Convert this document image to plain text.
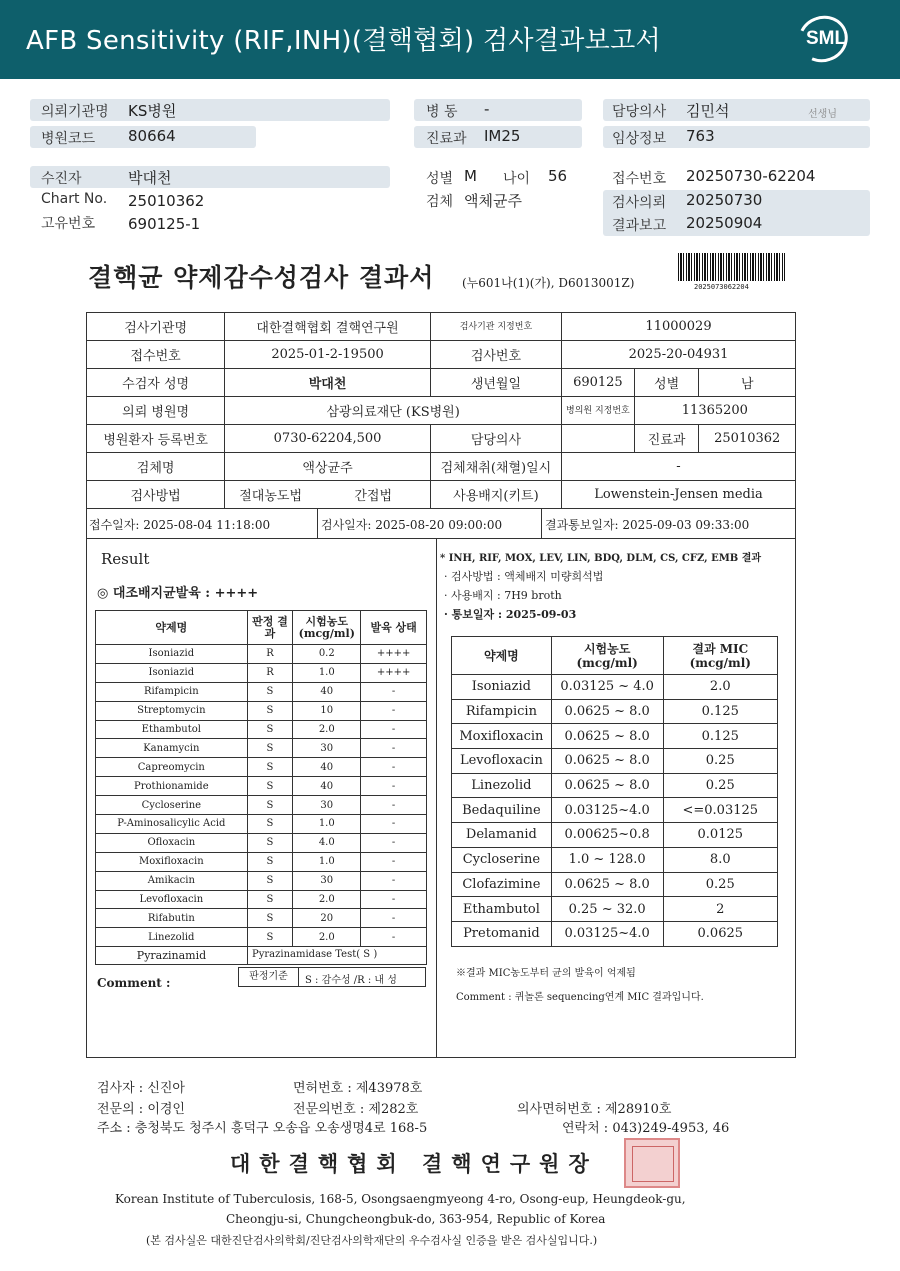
AFB Sensitivity (RIF,INH)(결핵협회) 검사결과보고서	SML
의뢰기관명 KS병원
병원코드 80664
병 동 -
진료과 IM25
담당의사 김민석	선생님
임상정보 763
수진자	박대천
Chart No. 25010362
고유번호 690125-1
성별 M 나이 56
검체 액체균주
접수번호 20250730-62204
검사의뢰 20250730
결과보고 20250904
결핵균 약제감수성검사 결과서 (누601나(1)(가), D6013001Z)	2025073062204
검사기관명	대한결핵협회 결핵연구원	검사기관 지정번호	11000029		
접수번호	2025-01-2-19500	검사번호	2025-20-04931		
수검자 성명	박대천	생년월일	690125	성별	남
의뢰 병원명	삼광의료재단 (KS병원)		병의원 지정번호	11365200	
병원환자 등록번호	0730-62204,500	담당의사		진료과	25010362
검체명	액상균주	검체채취(채혈)일시	-		
검사방법	절대농도법 간접법	사용배지(키트)	Lowenstein-Jensen media		
접수일자: 2025-08-04 11:18:00	검사일자: 2025-08-20 09:00:00	결과통보일자: 2025-09-03 09:33:00
Result
◎ 대조배지균발육 : ++++
약제명	판정 결과	시험농도 (mcg/ml)	발육 상태
Isoniazid	R	0.2	++++
Isoniazid	R	1.0	++++
Rifampicin	S	40	-
Streptomycin	S	10	-
Ethambutol	S	2.0	-
Kanamycin	S	30	-
Capreomycin	S	40	-
Prothionamide	S	40	-
Cycloserine	S	30	-
P-Aminosalicylic Acid	S	1.0	-
Ofloxacin	S	4.0	-
Moxifloxacin	S	1.0	-
Amikacin	S	30	-
Levofloxacin	S	2.0	-
Rifabutin	S	20	-
Linezolid	S	2.0	-
Pyrazinamid	Pyrazinamidase Test( S )
Comment :	판정기준	S : 감수성 /R : 내 성
* INH, RIF, MOX, LEV, LIN, BDQ, DLM, CS, CFZ, EMB 결과
· 검사방법 : 액체배지 미량희석법
· 사용배지 : 7H9 broth
· 통보일자 : 2025-09-03
약제명	시험농도 (mcg/ml)	결과 MIC (mcg/ml)
Isoniazid	0.03125 ~ 4.0	2.0
Rifampicin	0.0625 ~ 8.0	0.125
Moxifloxacin	0.0625 ~ 8.0	0.125
Levofloxacin	0.0625 ~ 8.0	0.25
Linezolid	0.0625 ~ 8.0	0.25
Bedaquiline	0.03125~4.0	<=0.03125
Delamanid	0.00625~0.8	0.0125
Cycloserine	1.0 ~ 128.0	8.0
Clofazimine	0.0625 ~ 8.0	0.25
Ethambutol	0.25 ~ 32.0	2
Pretomanid	0.03125~4.0	0.0625
※결과 MIC농도부터 균의 발육이 억제됨
Comment : 퀴놀론 sequencing연계 MIC 결과입니다.
검사자 : 신진아	면허번호 : 제43978호
전문의 : 이경인	전문의번호 : 제282호	의사면허번호 : 제28910호
주소 : 충청북도 청주시 흥덕구 오송읍 오송생명4로 168-5	연락처 : 043)249-4953, 46
대한결핵협회 결핵연구원장
Korean Institute of Tuberculosis, 168-5, Osongsaengmyeong 4-ro, Osong-eup, Heungdeok-gu,
Cheongju-si, Chungcheongbuk-do, 363-954, Republic of Korea
(본 검사실은 대한진단검사의학회/진단검사의학재단의 우수검사실 인증을 받은 검사실입니다.)
